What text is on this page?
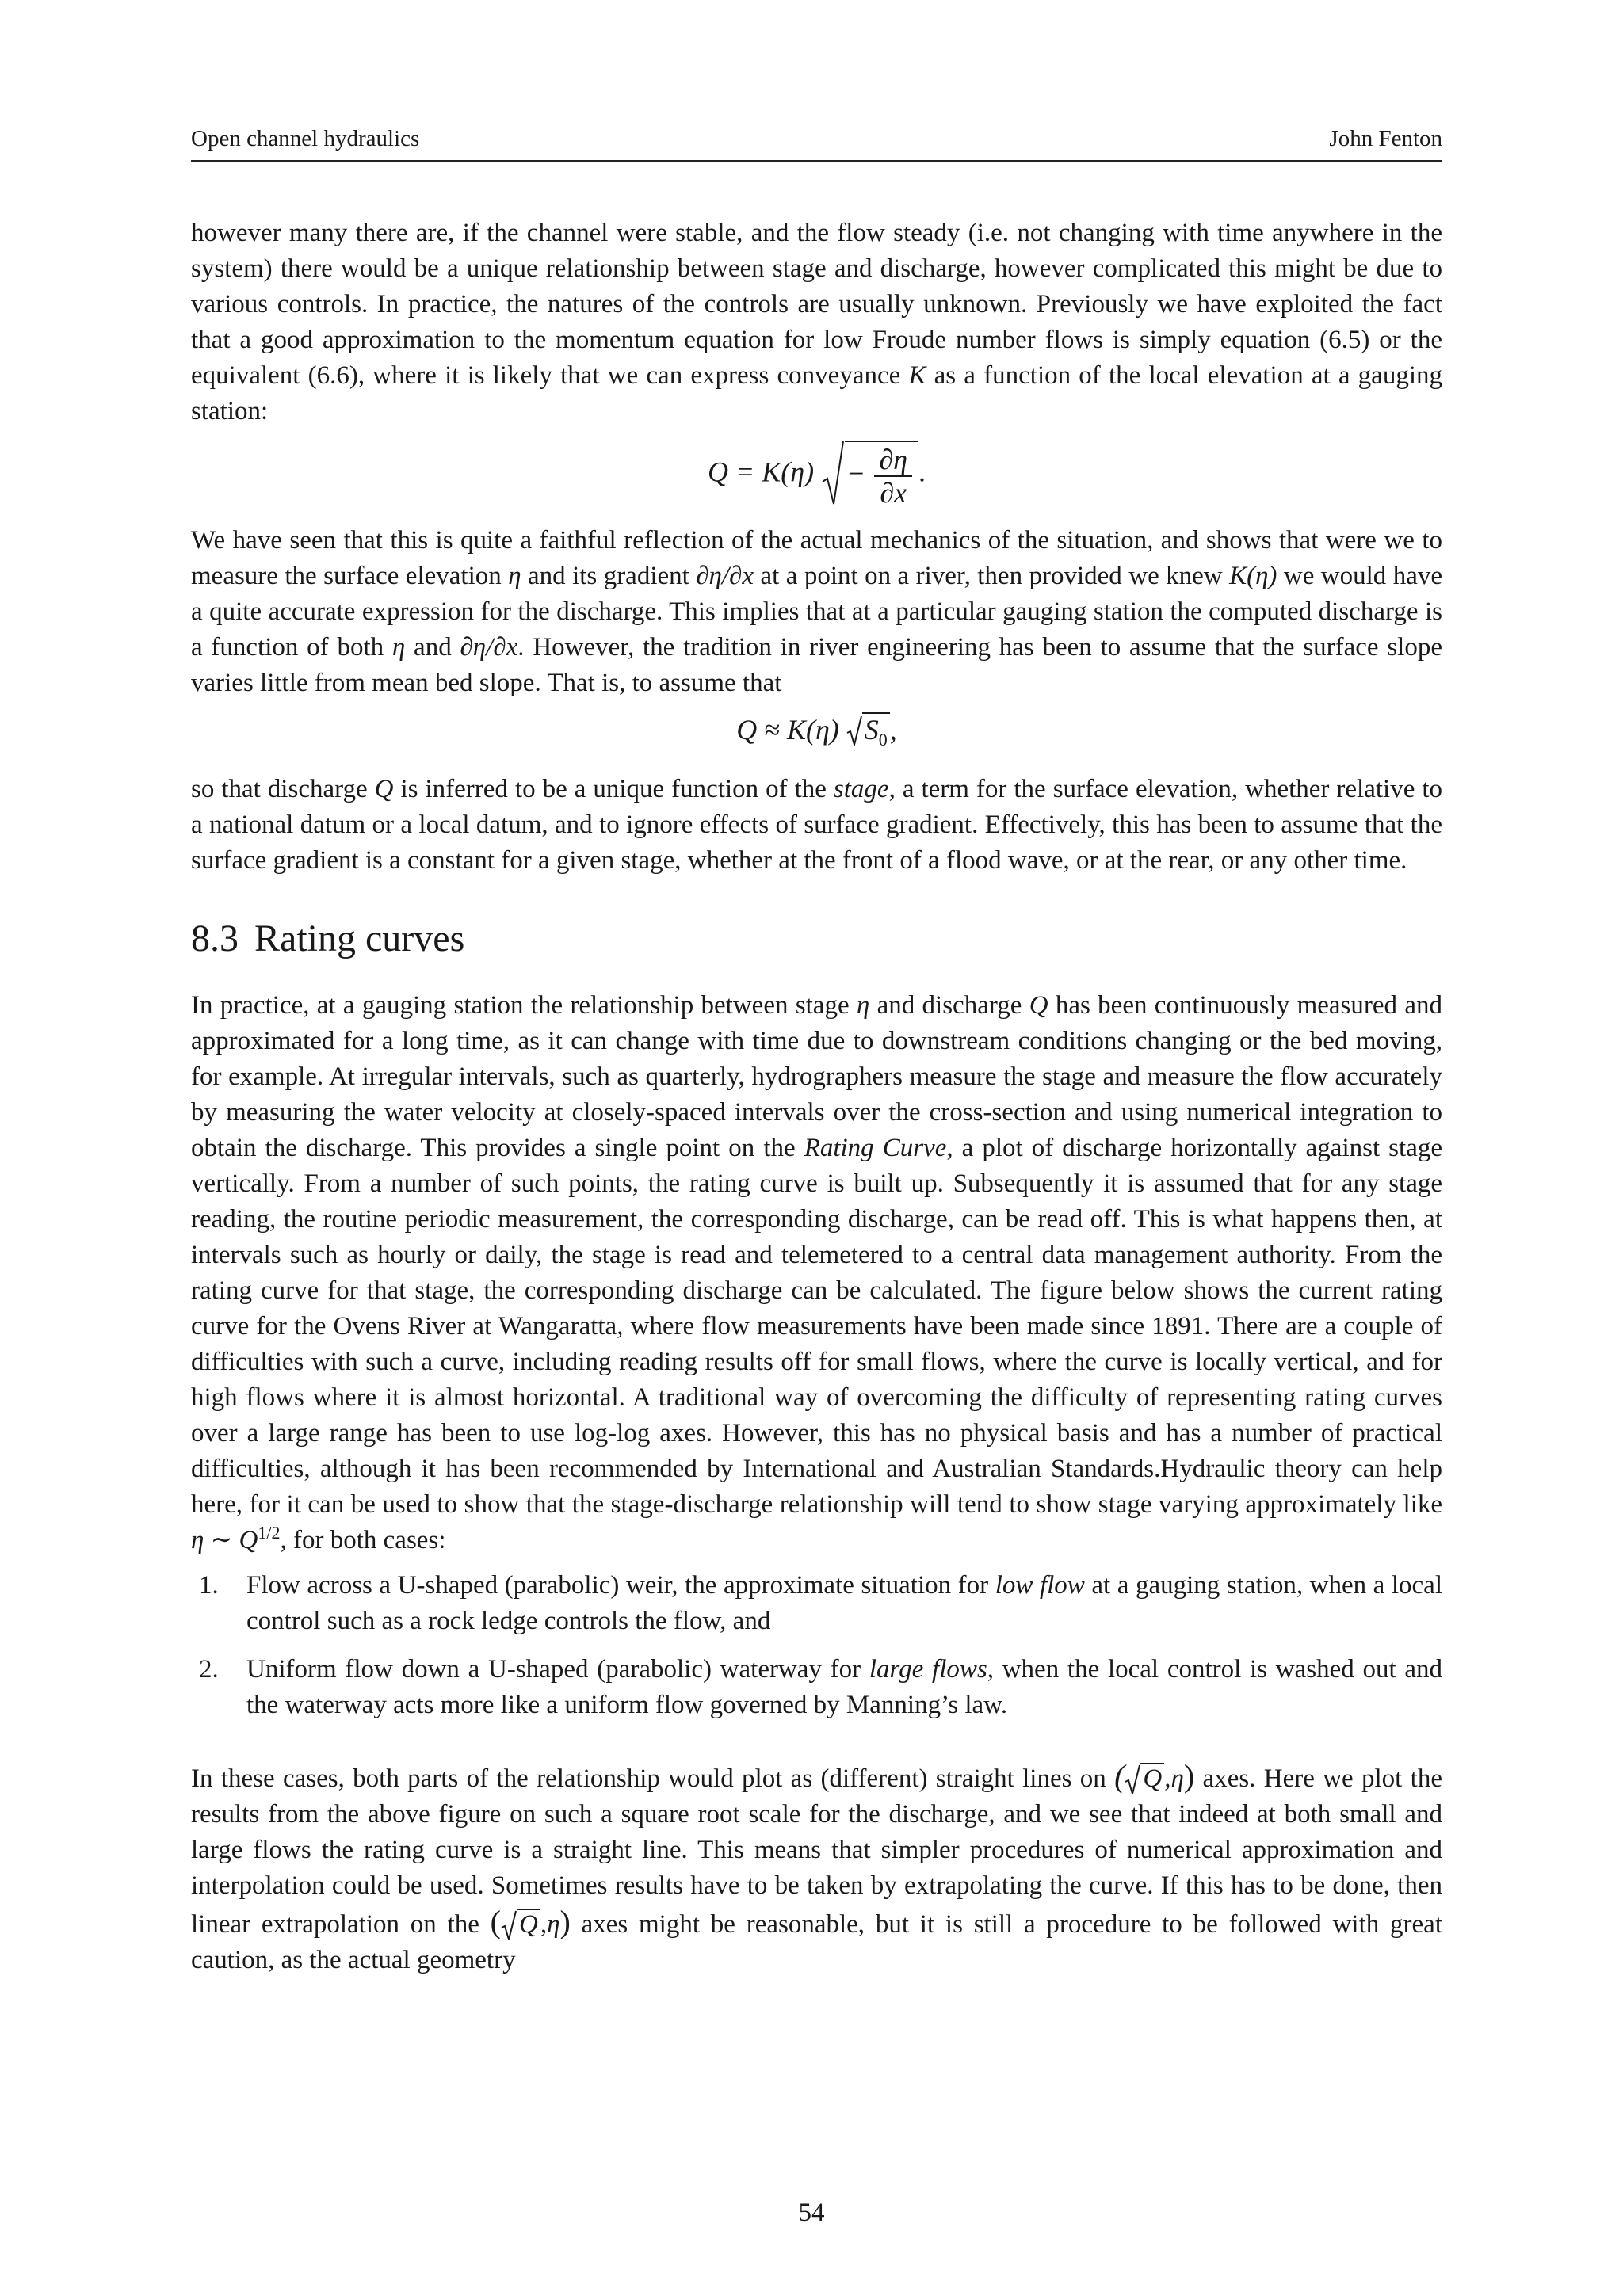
Open channel hydraulics	John Fenton

however many there are, if the channel were stable, and the flow steady (i.e. not changing with time anywhere in the system) there would be a unique relationship between stage and discharge, however complicated this might be due to various controls. In practice, the natures of the controls are usually unknown. Previously we have exploited the fact that a good approximation to the momentum equation for low Froude number flows is simply equation (6.5) or the equivalent (6.6), where it is likely that we can express conveyance K as a function of the local elevation at a gauging station:

$Q = K(\eta) - \frac{\partial\eta}{\partial x}$ .

We have seen that this is quite a faithful reflection of the actual mechanics of the situation, and shows that were we to measure the surface elevation η and its gradient ∂η/∂x at a point on a river, then provided we knew K(η) we would have a quite accurate expression for the discharge. This implies that at a particular gauging station the computed discharge is a function of both η and ∂η/∂x. However, the tradition in river engineering has been to assume that the surface slope varies little from mean bed slope. That is, to assume that

Q ≈ K(η) $S_0$,

so that discharge Q is inferred to be a unique function of the stage, a term for the surface elevation, whether relative to a national datum or a local datum, and to ignore effects of surface gradient. Effectively, this has been to assume that the surface gradient is a constant for a given stage, whether at the front of a flood wave, or at the rear, or any other time.

8.3 Rating curves

In practice, at a gauging station the relationship between stage η and discharge Q has been continuously measured and approximated for a long time, as it can change with time due to downstream conditions changing or the bed moving, for example. At irregular intervals, such as quarterly, hydrographers measure the stage and measure the flow accurately by measuring the water velocity at closely-spaced intervals over the cross-section and using numerical integration to obtain the discharge. This provides a single point on the Rating Curve, a plot of discharge horizontally against stage vertically. From a number of such points, the rating curve is built up. Subsequently it is assumed that for any stage reading, the routine periodic measurement, the corresponding discharge, can be read off. This is what happens then, at intervals such as hourly or daily, the stage is read and telemetered to a central data management authority. From the rating curve for that stage, the corresponding discharge can be calculated. The figure below shows the current rating curve for the Ovens River at Wangaratta, where flow measurements have been made since 1891. There are a couple of difficulties with such a curve, including reading results off for small flows, where the curve is locally vertical, and for high flows where it is almost horizontal. A traditional way of overcoming the difficulty of representing rating curves over a large range has been to use log-log axes. However, this has no physical basis and has a number of practical difficulties, although it has been recommended by International and Australian Standards.Hydraulic theory can help here, for it can be used to show that the stage-discharge relationship will tend to show stage varying approximately like η ∼ $Q^{1/2}$, for both cases:

1. Flow across a U-shaped (parabolic) weir, the approximate situation for low flow at a gauging station, when a local control such as a rock ledge controls the flow, and
2. Uniform flow down a U-shaped (parabolic) waterway for large flows, when the local control is washed out and the waterway acts more like a uniform flow governed by Manning’s law.

In these cases, both parts of the relationship would plot as (different) straight lines on ( Q,η) axes. Here we plot the results from the above figure on such a square root scale for the discharge, and we see that indeed at both small and large flows the rating curve is a straight line. This means that simpler procedures of numerical approximation and interpolation could be used. Sometimes results have to be taken by extrapolating the curve. If this has to be done, then linear extrapolation on the ( Q,η) axes might be reasonable, but it is still a procedure to be followed with great caution, as the actual geometry

54
